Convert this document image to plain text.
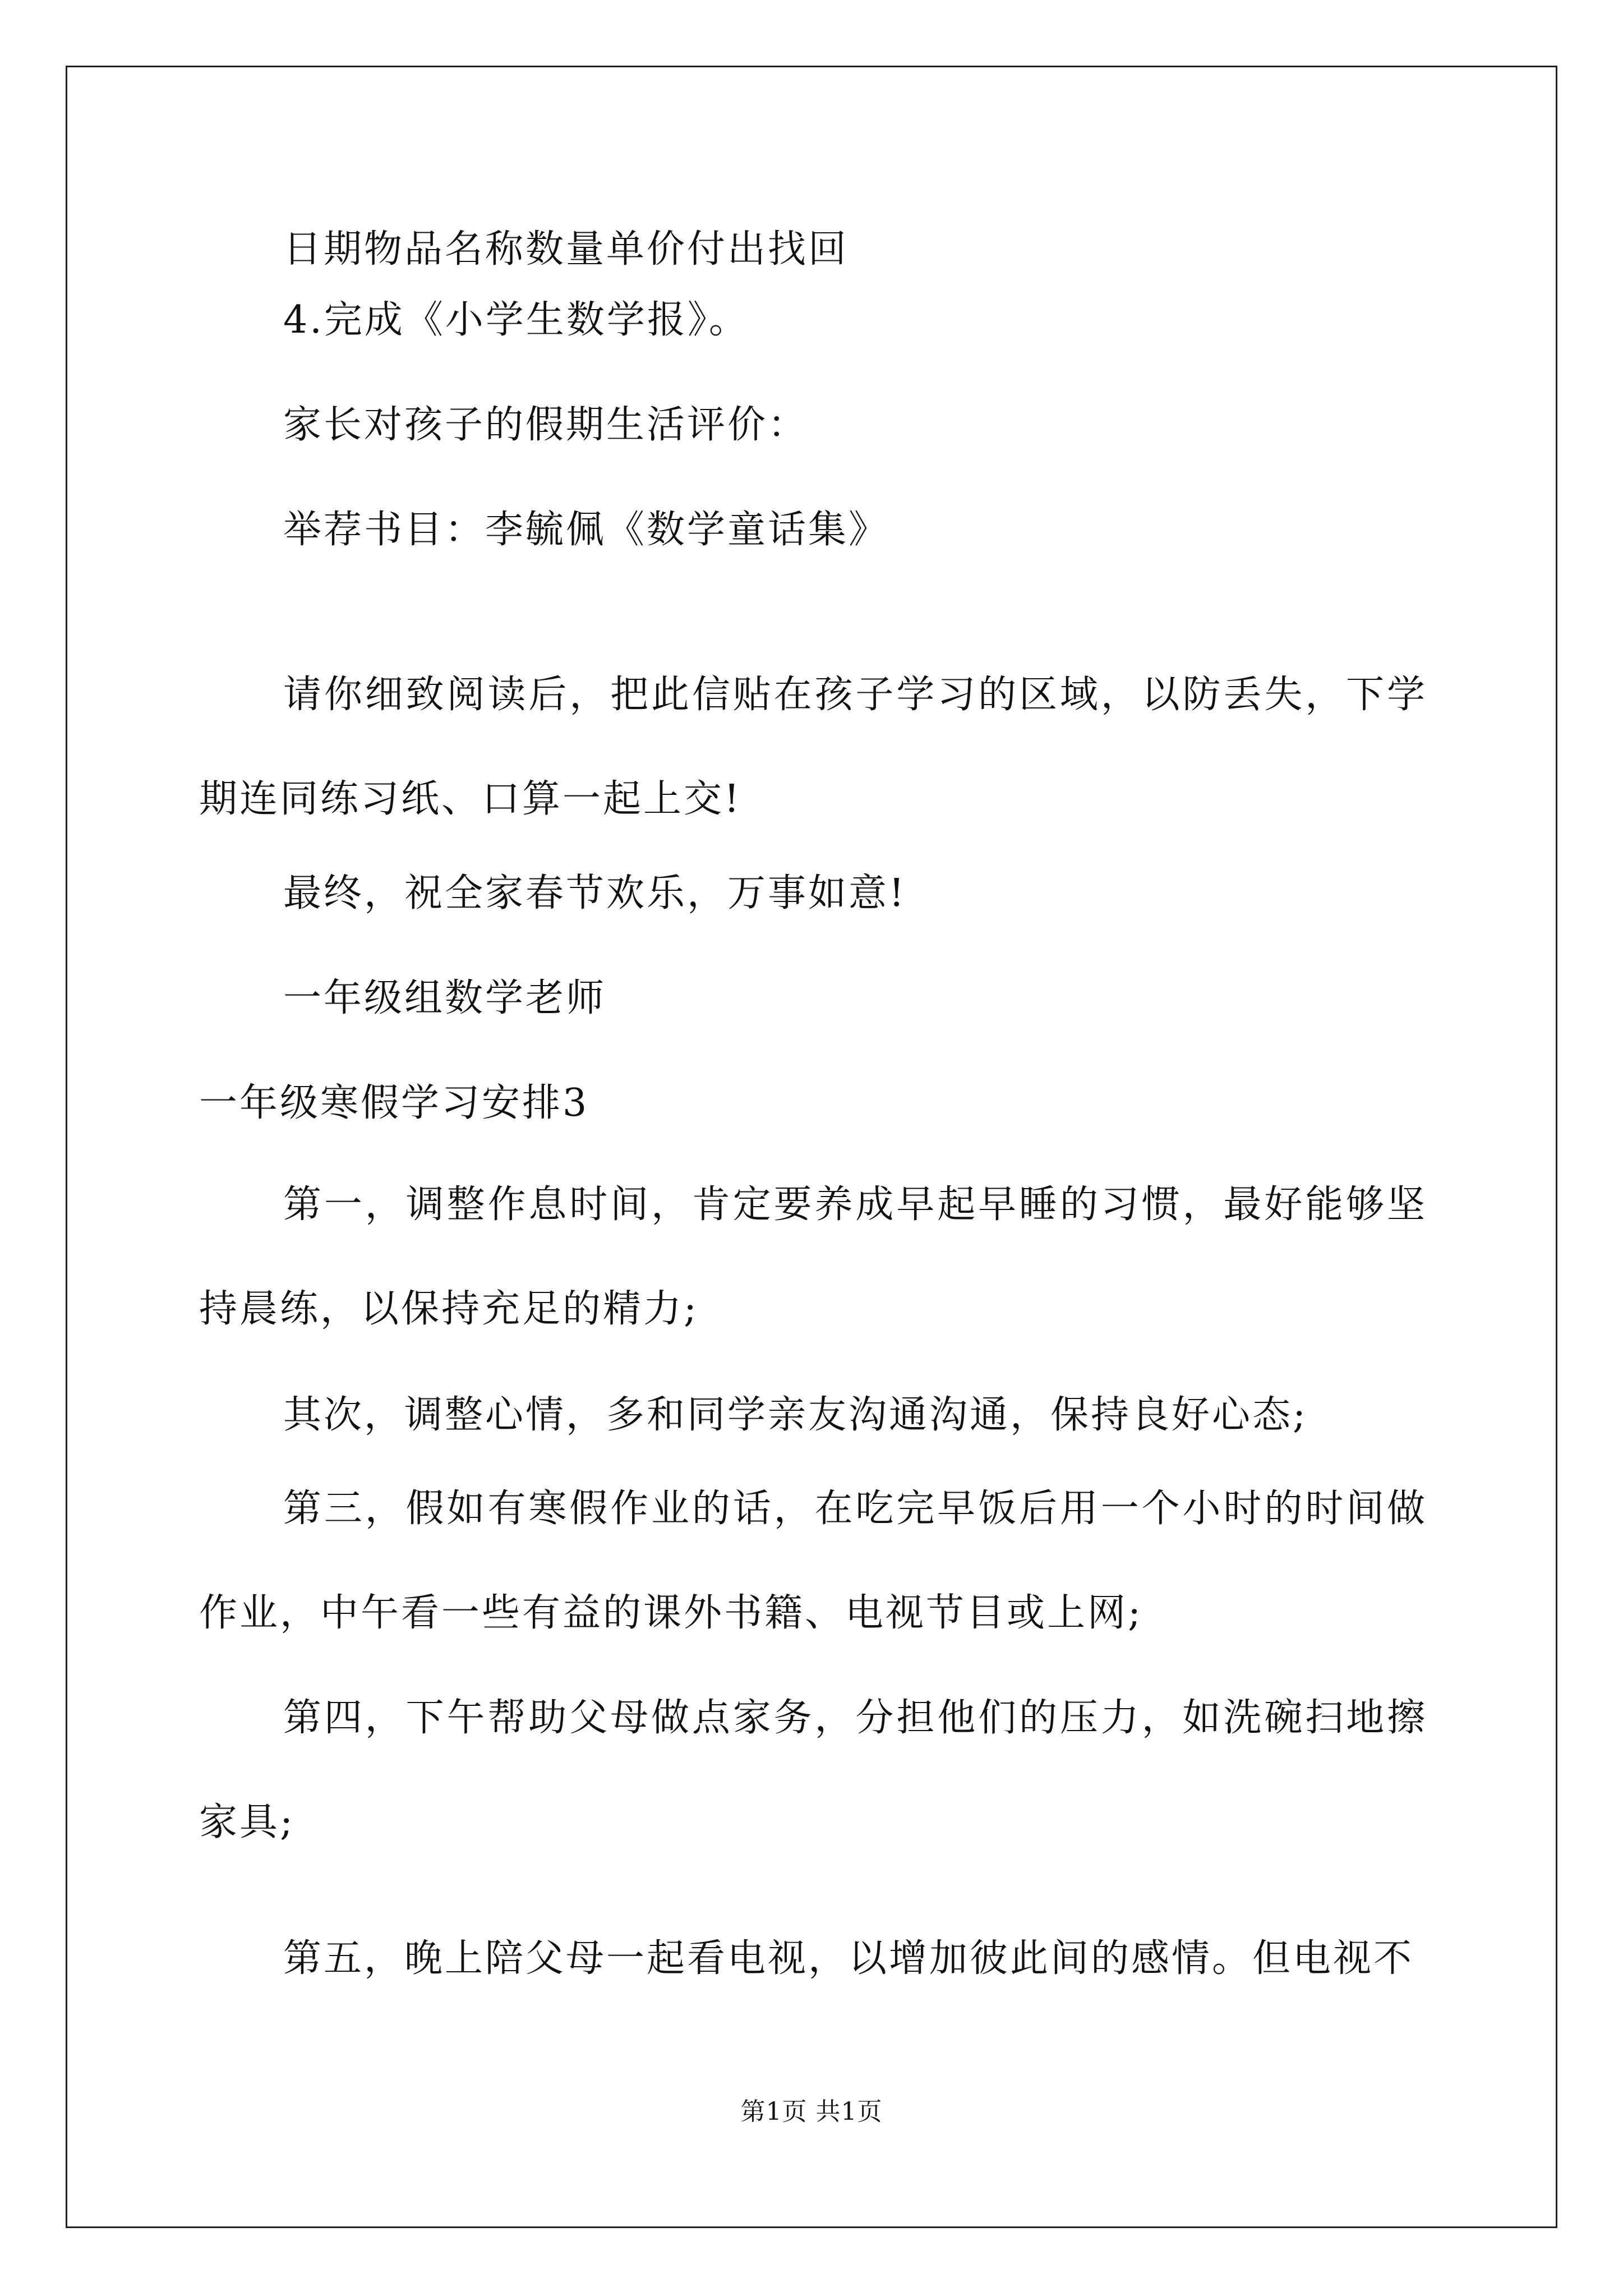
日期物品名称数量单价付出找回
4.完成《小学生数学报》。
家长对孩子的假期生活评价：
举荐书目：李毓佩《数学童话集》
请你细致阅读后，把此信贴在孩子学习的区域，以防丢失，下学期连同练习纸、口算一起上交!
最终，祝全家春节欢乐，万事如意!
一年级组数学老师
一年级寒假学习安排3
第一，调整作息时间，肯定要养成早起早睡的习惯，最好能够坚持晨练，以保持充足的精力;
其次，调整心情，多和同学亲友沟通沟通，保持良好心态;
第三，假如有寒假作业的话，在吃完早饭后用一个小时的时间做作业，中午看一些有益的课外书籍、电视节目或上网;
第四，下午帮助父母做点家务，分担他们的压力，如洗碗扫地擦家具;
第五，晚上陪父母一起看电视，以增加彼此间的感情。但电视不
第1页 共1页
